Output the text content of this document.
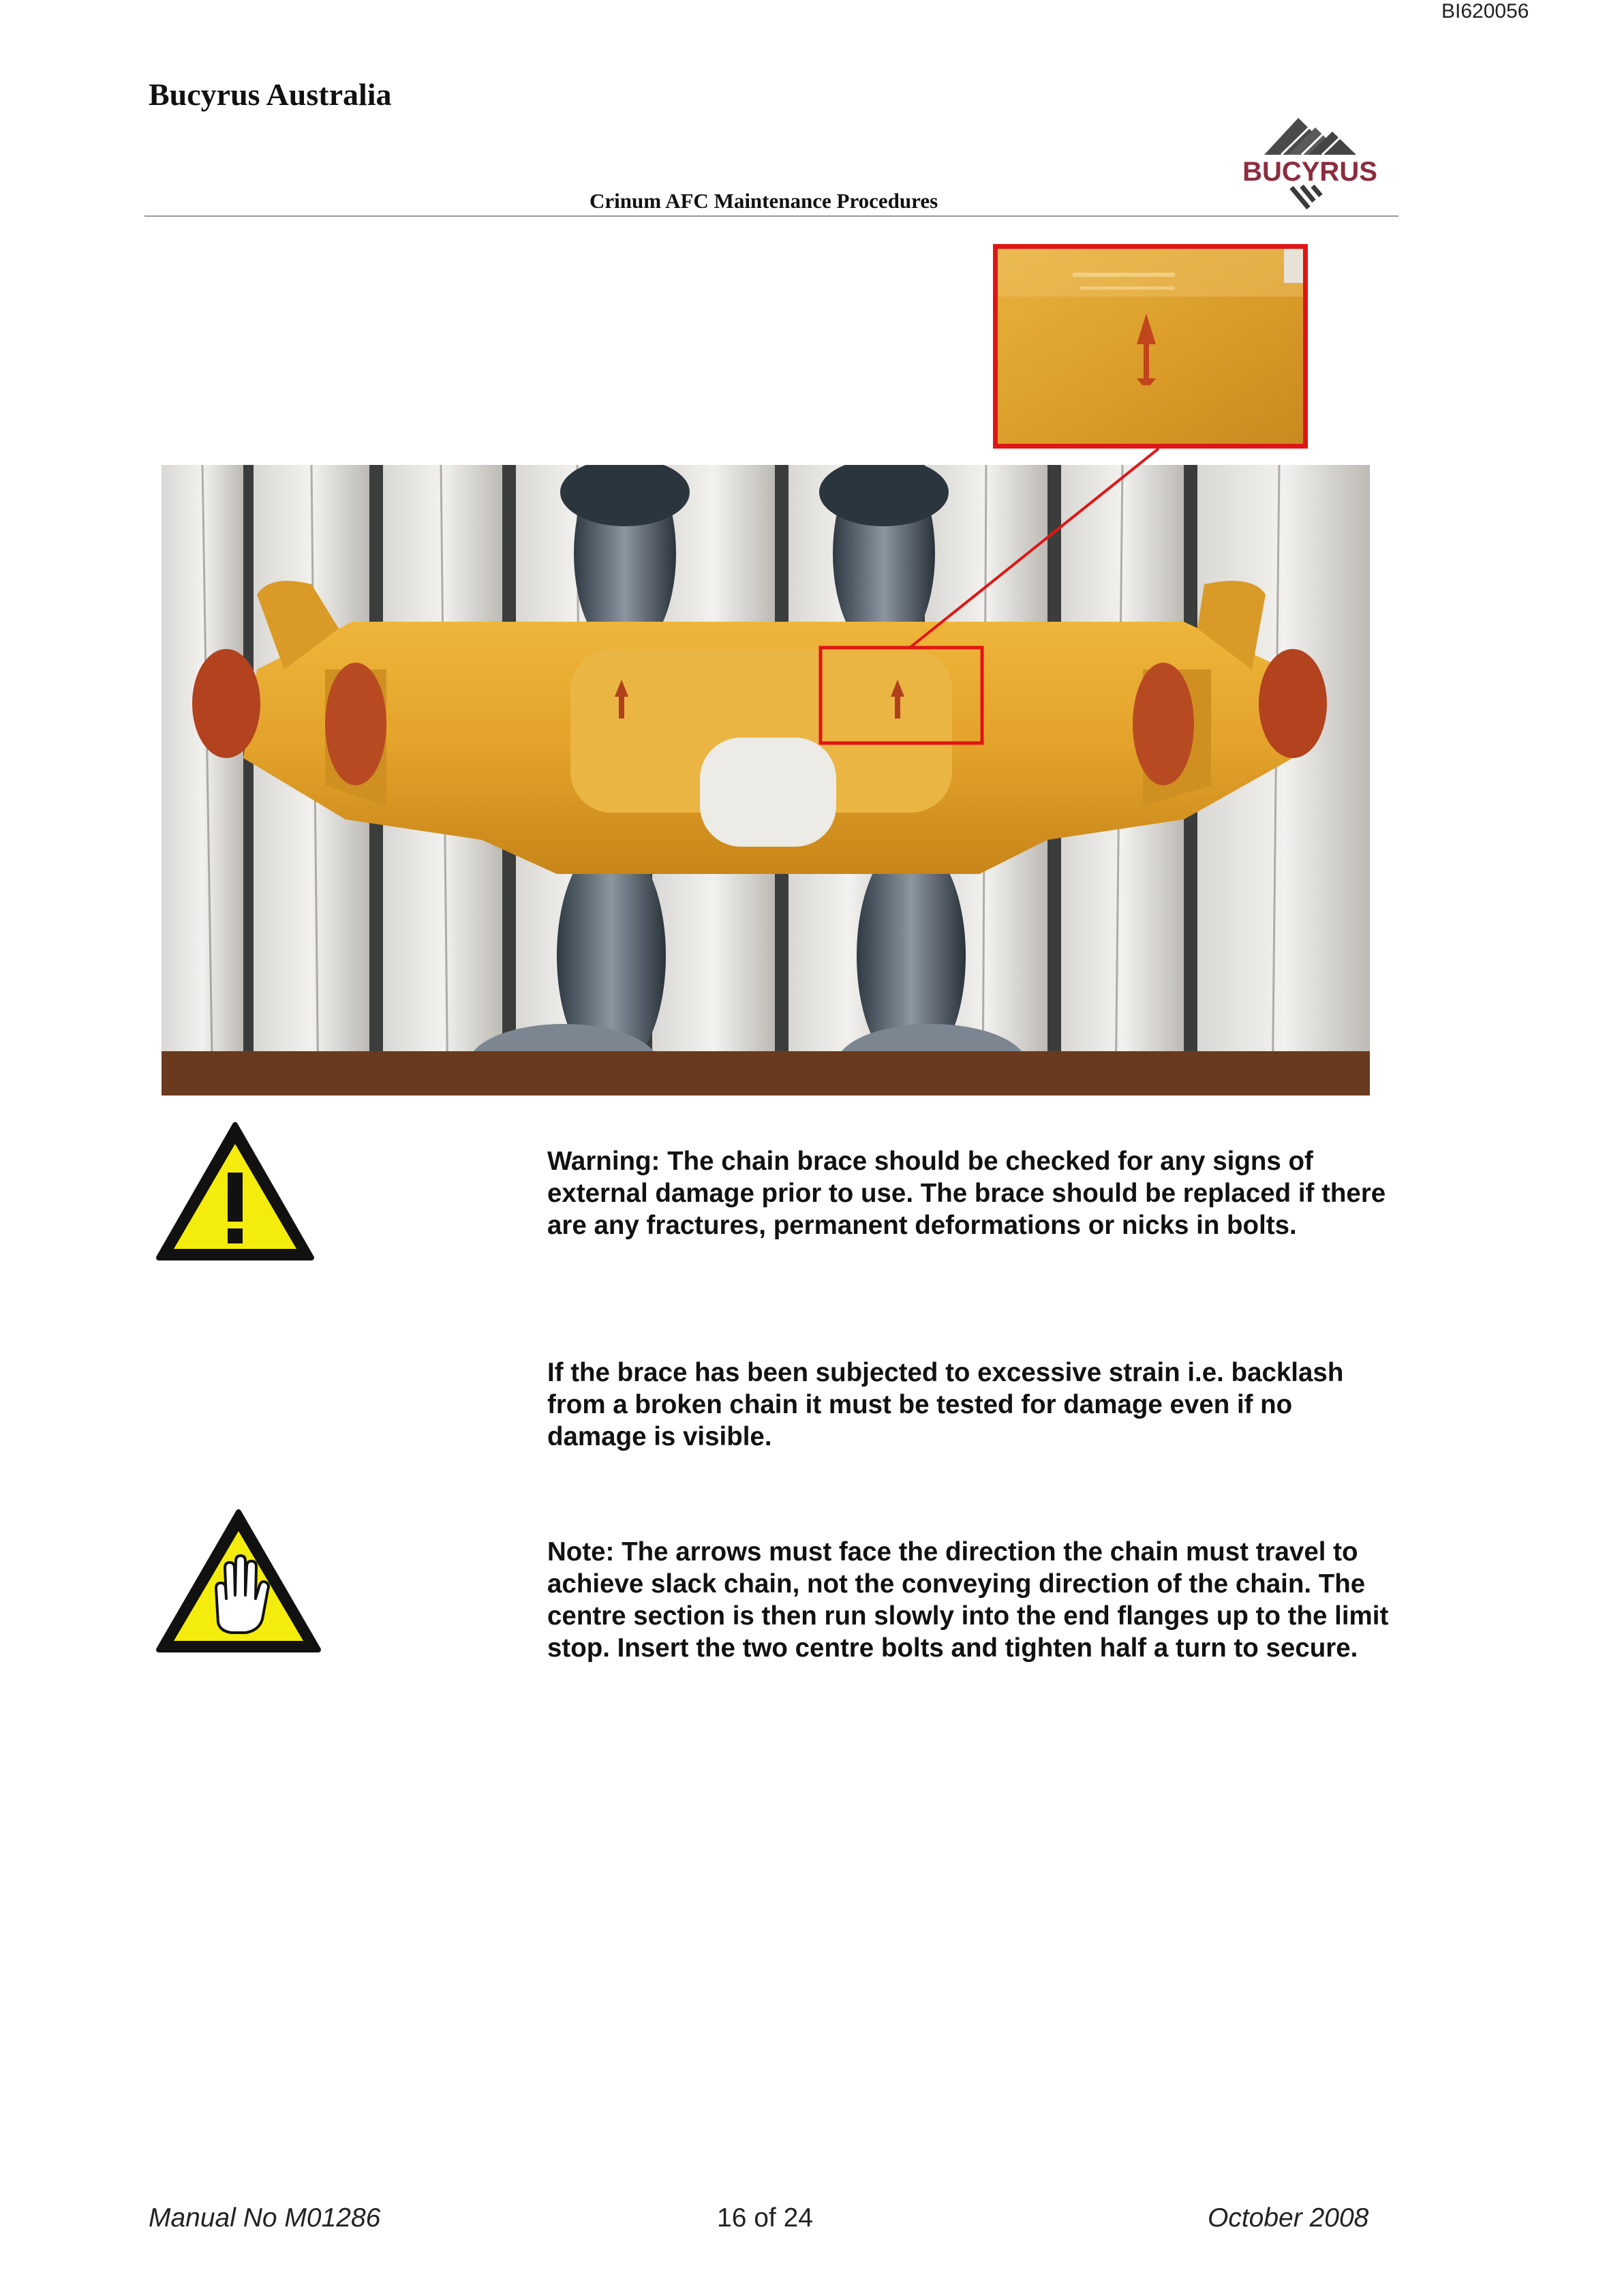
BI620056
Bucyrus Australia
Crinum AFC Maintenance Procedures
BUCYRUS

Warning: The chain brace should be checked for any signs of external damage prior to use. The brace should be replaced if there are any fractures, permanent deformations or nicks in bolts.

If the brace has been subjected to excessive strain i.e. backlash from a broken chain it must be tested for damage even if no damage is visible.

Note: The arrows must face the direction the chain must travel to achieve slack chain, not the conveying direction of the chain. The centre section is then run slowly into the end flanges up to the limit stop. Insert the two centre bolts and tighten half a turn to secure.

Manual No M01286	16 of 24	October 2008
